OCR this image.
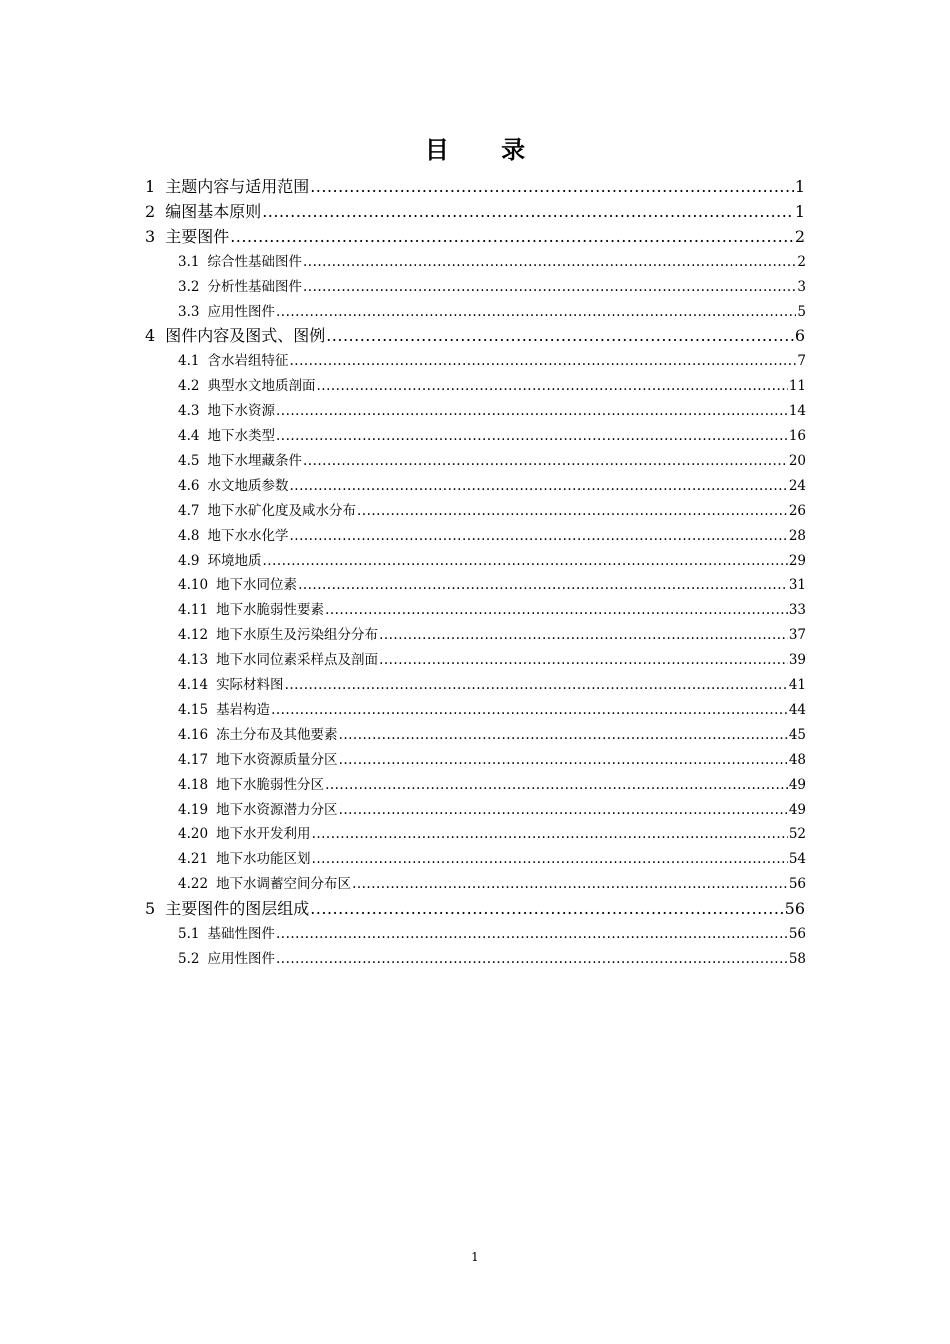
目 录
1 主题内容与适用范围 .....	1
2 编图基本原则 .....	1
3 主要图件 .....	2
3.1 综合性基础图件 .....	2
3.2 分析性基础图件 .....	3
3.3 应用性图件 .....	5
4 图件内容及图式、图例 .....	6
4.1 含水岩组特征 .....	7
4.2 典型水文地质剖面 .....	11
4.3 地下水资源 .....	14
4.4 地下水类型 .....	16
4.5 地下水埋藏条件 .....	20
4.6 水文地质参数 .....	24
4.7 地下水矿化度及咸水分布 .....	26
4.8 地下水水化学 .....	28
4.9 环境地质 .....	29
4.10 地下水同位素 .....	31
4.11 地下水脆弱性要素 .....	33
4.12 地下水原生及污染组分分布 .....	37
4.13 地下水同位素采样点及剖面 .....	39
4.14 实际材料图 .....	41
4.15 基岩构造 .....	44
4.16 冻土分布及其他要素 .....	45
4.17 地下水资源质量分区 .....	48
4.18 地下水脆弱性分区 .....	49
4.19 地下水资源潜力分区 .....	49
4.20 地下水开发利用 .....	52
4.21 地下水功能区划 .....	54
4.22 地下水调蓄空间分布区 .....	56
5 主要图件的图层组成 .....	56
5.1 基础性图件 .....	56
5.2 应用性图件 .....	58
1
